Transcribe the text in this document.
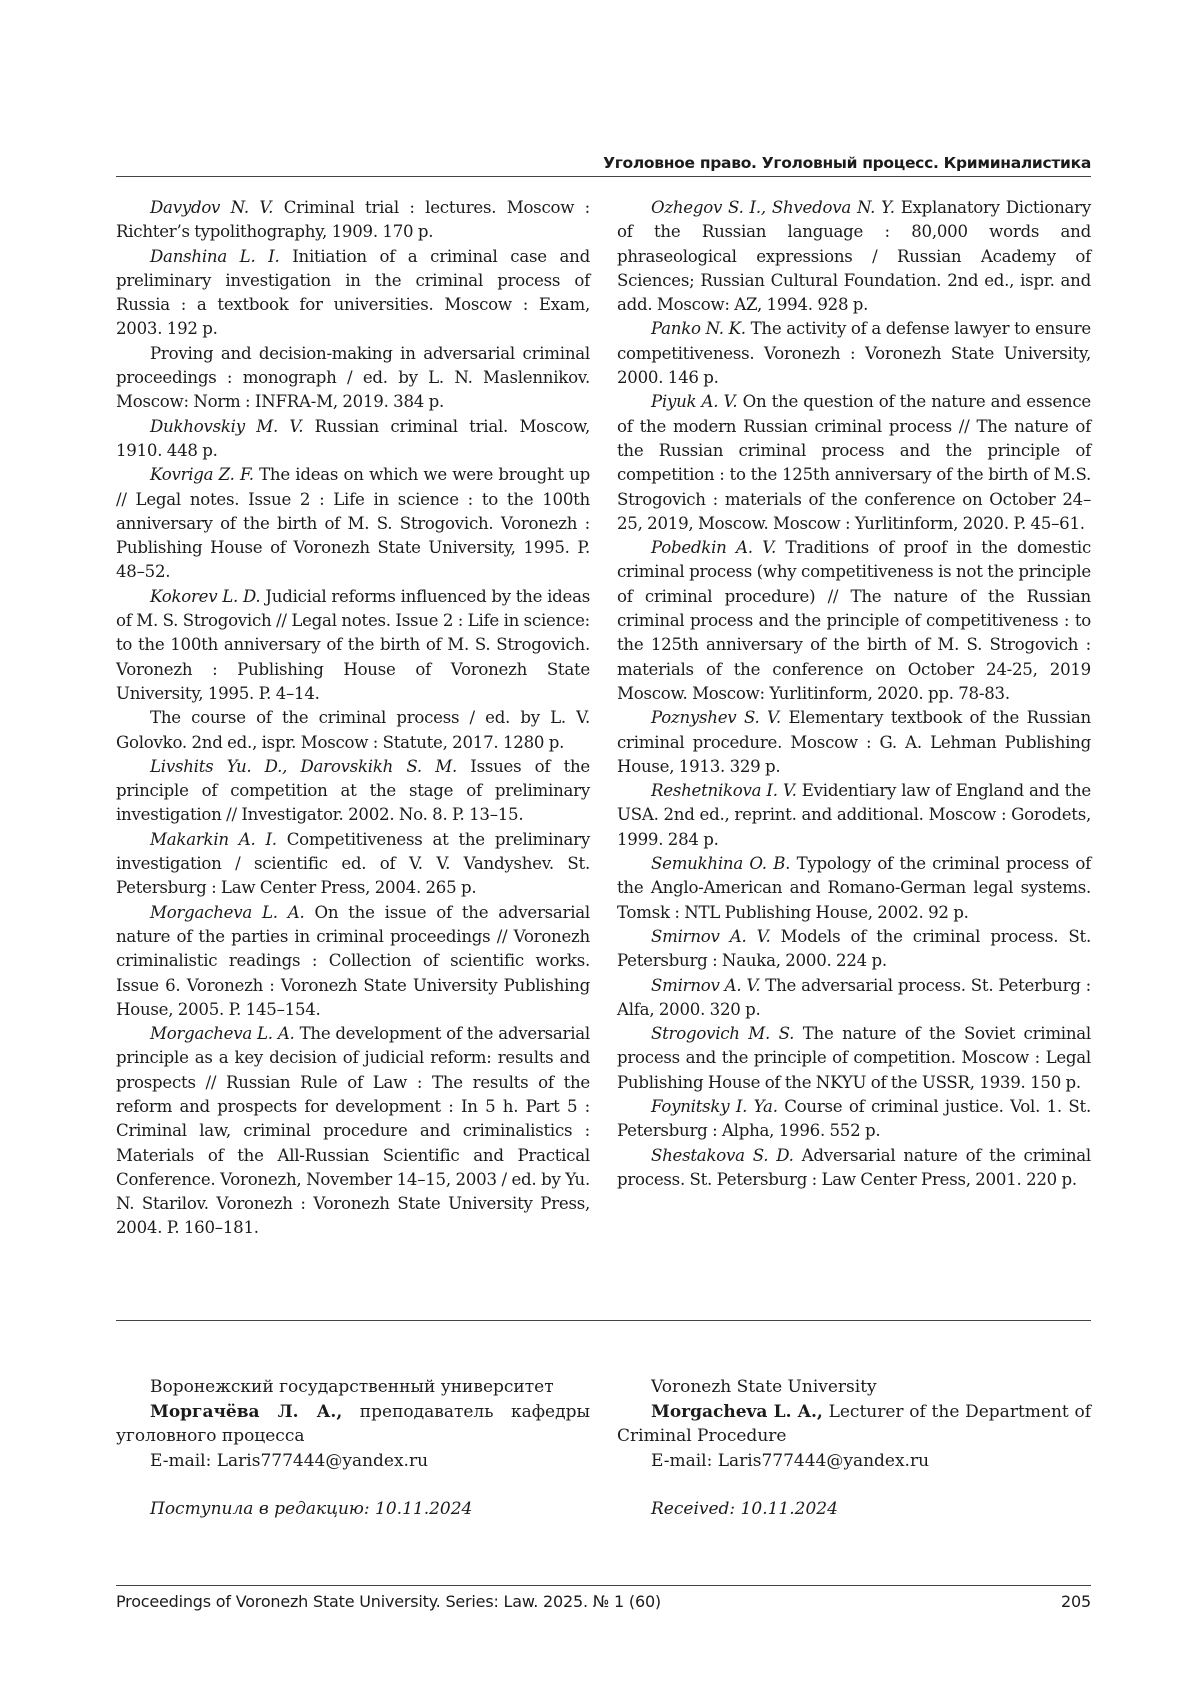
Уголовное право. Уголовный процесс. Криминалистика

Davydov N. V. Criminal trial : lectures. Moscow : Richter’s typolithography, 1909. 170 p.

Danshina L. I. Initiation of a criminal case and preliminary investigation in the criminal process of Russia : a textbook for universities. Moscow : Exam, 2003. 192 p.

Proving and decision-making in adversarial criminal proceedings : monograph / ed. by L. N. Maslennikov. Moscow: Norm : INFRA-M, 2019. 384 p.

Dukhovskiy M. V. Russian criminal trial. Moscow, 1910. 448 p.

Kovriga Z. F. The ideas on which we were brought up // Legal notes. Issue 2 : Life in science : to the 100th anniversary of the birth of M. S. Strogovich. Voronezh : Publishing House of Voronezh State University, 1995. P. 48–52.

Kokorev L. D. Judicial reforms influenced by the ideas of M. S. Strogovich // Legal notes. Issue 2 : Life in science: to the 100th anniversary of the birth of M. S. Strogovich. Voronezh : Publishing House of Voronezh State University, 1995. P. 4–14.

The course of the criminal process / ed. by L. V. Golovko. 2nd ed., ispr. Moscow : Statute, 2017. 1280 p.

Livshits Yu. D., Darovskikh S. M. Issues of the principle of competition at the stage of preliminary investigation // Investigator. 2002. No. 8. P. 13–15.

Makarkin A. I. Competitiveness at the preliminary investigation / scientific ed. of V. V. Vandyshev. St. Petersburg : Law Center Press, 2004. 265 p.

Morgacheva L. A. On the issue of the adversarial nature of the parties in criminal proceedings // Voronezh criminalistic readings : Collection of scientific works. Issue 6. Voronezh : Voronezh State University Publishing House, 2005. P. 145–154.

Morgacheva L. A. The development of the adversarial principle as a key decision of judicial reform: results and prospects // Russian Rule of Law : The results of the reform and prospects for development : In 5 h. Part 5 : Criminal law, criminal procedure and criminalistics : Materials of the All-Russian Scientific and Practical Conference. Voronezh, November 14–15, 2003 / ed. by Yu. N. Starilov. Voronezh : Voronezh State University Press, 2004. P. 160–181.

Ozhegov S. I., Shvedova N. Y. Explanatory Dictionary of the Russian language : 80,000 words and phraseological expressions / Russian Academy of Sciences; Russian Cultural Foundation. 2nd ed., ispr. and add. Moscow: AZ, 1994. 928 p.

Panko N. K. The activity of a defense lawyer to ensure competitiveness. Voronezh : Voronezh State University, 2000. 146 p.

Piyuk A. V. On the question of the nature and essence of the modern Russian criminal process // The nature of the Russian criminal process and the principle of competition : to the 125th anniversary of the birth of M.S. Strogovich : materials of the conference on October 24–25, 2019, Moscow. Moscow : Yurlitinform, 2020. P. 45–61.

Pobedkin A. V. Traditions of proof in the domestic criminal process (why competitiveness is not the principle of criminal procedure) // The nature of the Russian criminal process and the principle of competitiveness : to the 125th anniversary of the birth of M. S. Strogovich : materials of the conference on October 24-25, 2019 Moscow. Moscow: Yurlitinform, 2020. pp. 78-83.

Poznyshev S. V. Elementary textbook of the Russian criminal procedure. Moscow : G. A. Lehman Publishing House, 1913. 329 p.

Reshetnikova I. V. Evidentiary law of England and the USA. 2nd ed., reprint. and additional. Moscow : Gorodets, 1999. 284 p.

Semukhina O. B. Typology of the criminal process of the Anglo-American and Romano-German legal systems. Tomsk : NTL Publishing House, 2002. 92 p.

Smirnov A. V. Models of the criminal process. St. Petersburg : Nauka, 2000. 224 p.

Smirnov A. V. The adversarial process. St. Peterburg : Alfa, 2000. 320 p.

Strogovich M. S. The nature of the Soviet criminal process and the principle of competition. Moscow : Legal Publishing House of the NKYU of the USSR, 1939. 150 p.

Foynitsky I. Ya. Course of criminal justice. Vol. 1. St. Petersburg : Alpha, 1996. 552 p.

Shestakova S. D. Adversarial nature of the criminal process. St. Petersburg : Law Center Press, 2001. 220 p.

Воронежский государственный университет

Моргачёва Л. А., преподаватель кафедры уголовного процесса

E-mail: Laris777444@yandex.ru

Поступила в редакцию: 10.11.2024

Voronezh State University

Morgacheva L. A., Lecturer of the Department of Criminal Procedure

E-mail: Laris777444@yandex.ru

Received: 10.11.2024

Proceedings of Voronezh State University. Series: Law. 2025. № 1 (60)	205
